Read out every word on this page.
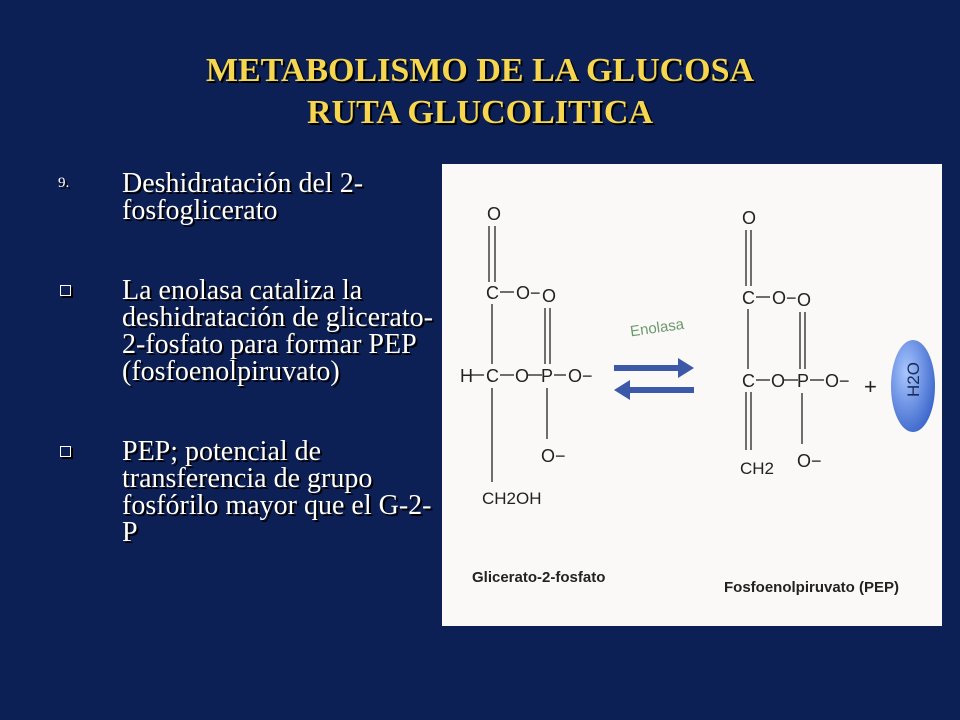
METABOLISMO DE LA GLUCOSA
RUTA GLUCOLITICA
9. Deshidratación del 2-fosfoglicerato
La enolasa cataliza la deshidratación de glicerato-2-fosfato para formar PEP (fosfoenolpiruvato)
PEP; potencial de transferencia de grupo fosfórilo mayor que el G-2-P
O
C O− O
H C O P O−
O−
CH2OH
Enolasa
O
C O− O
C O P O−
O−
CH2
+ H2O
Glicerato-2-fosfato
Fosfoenolpiruvato (PEP)
